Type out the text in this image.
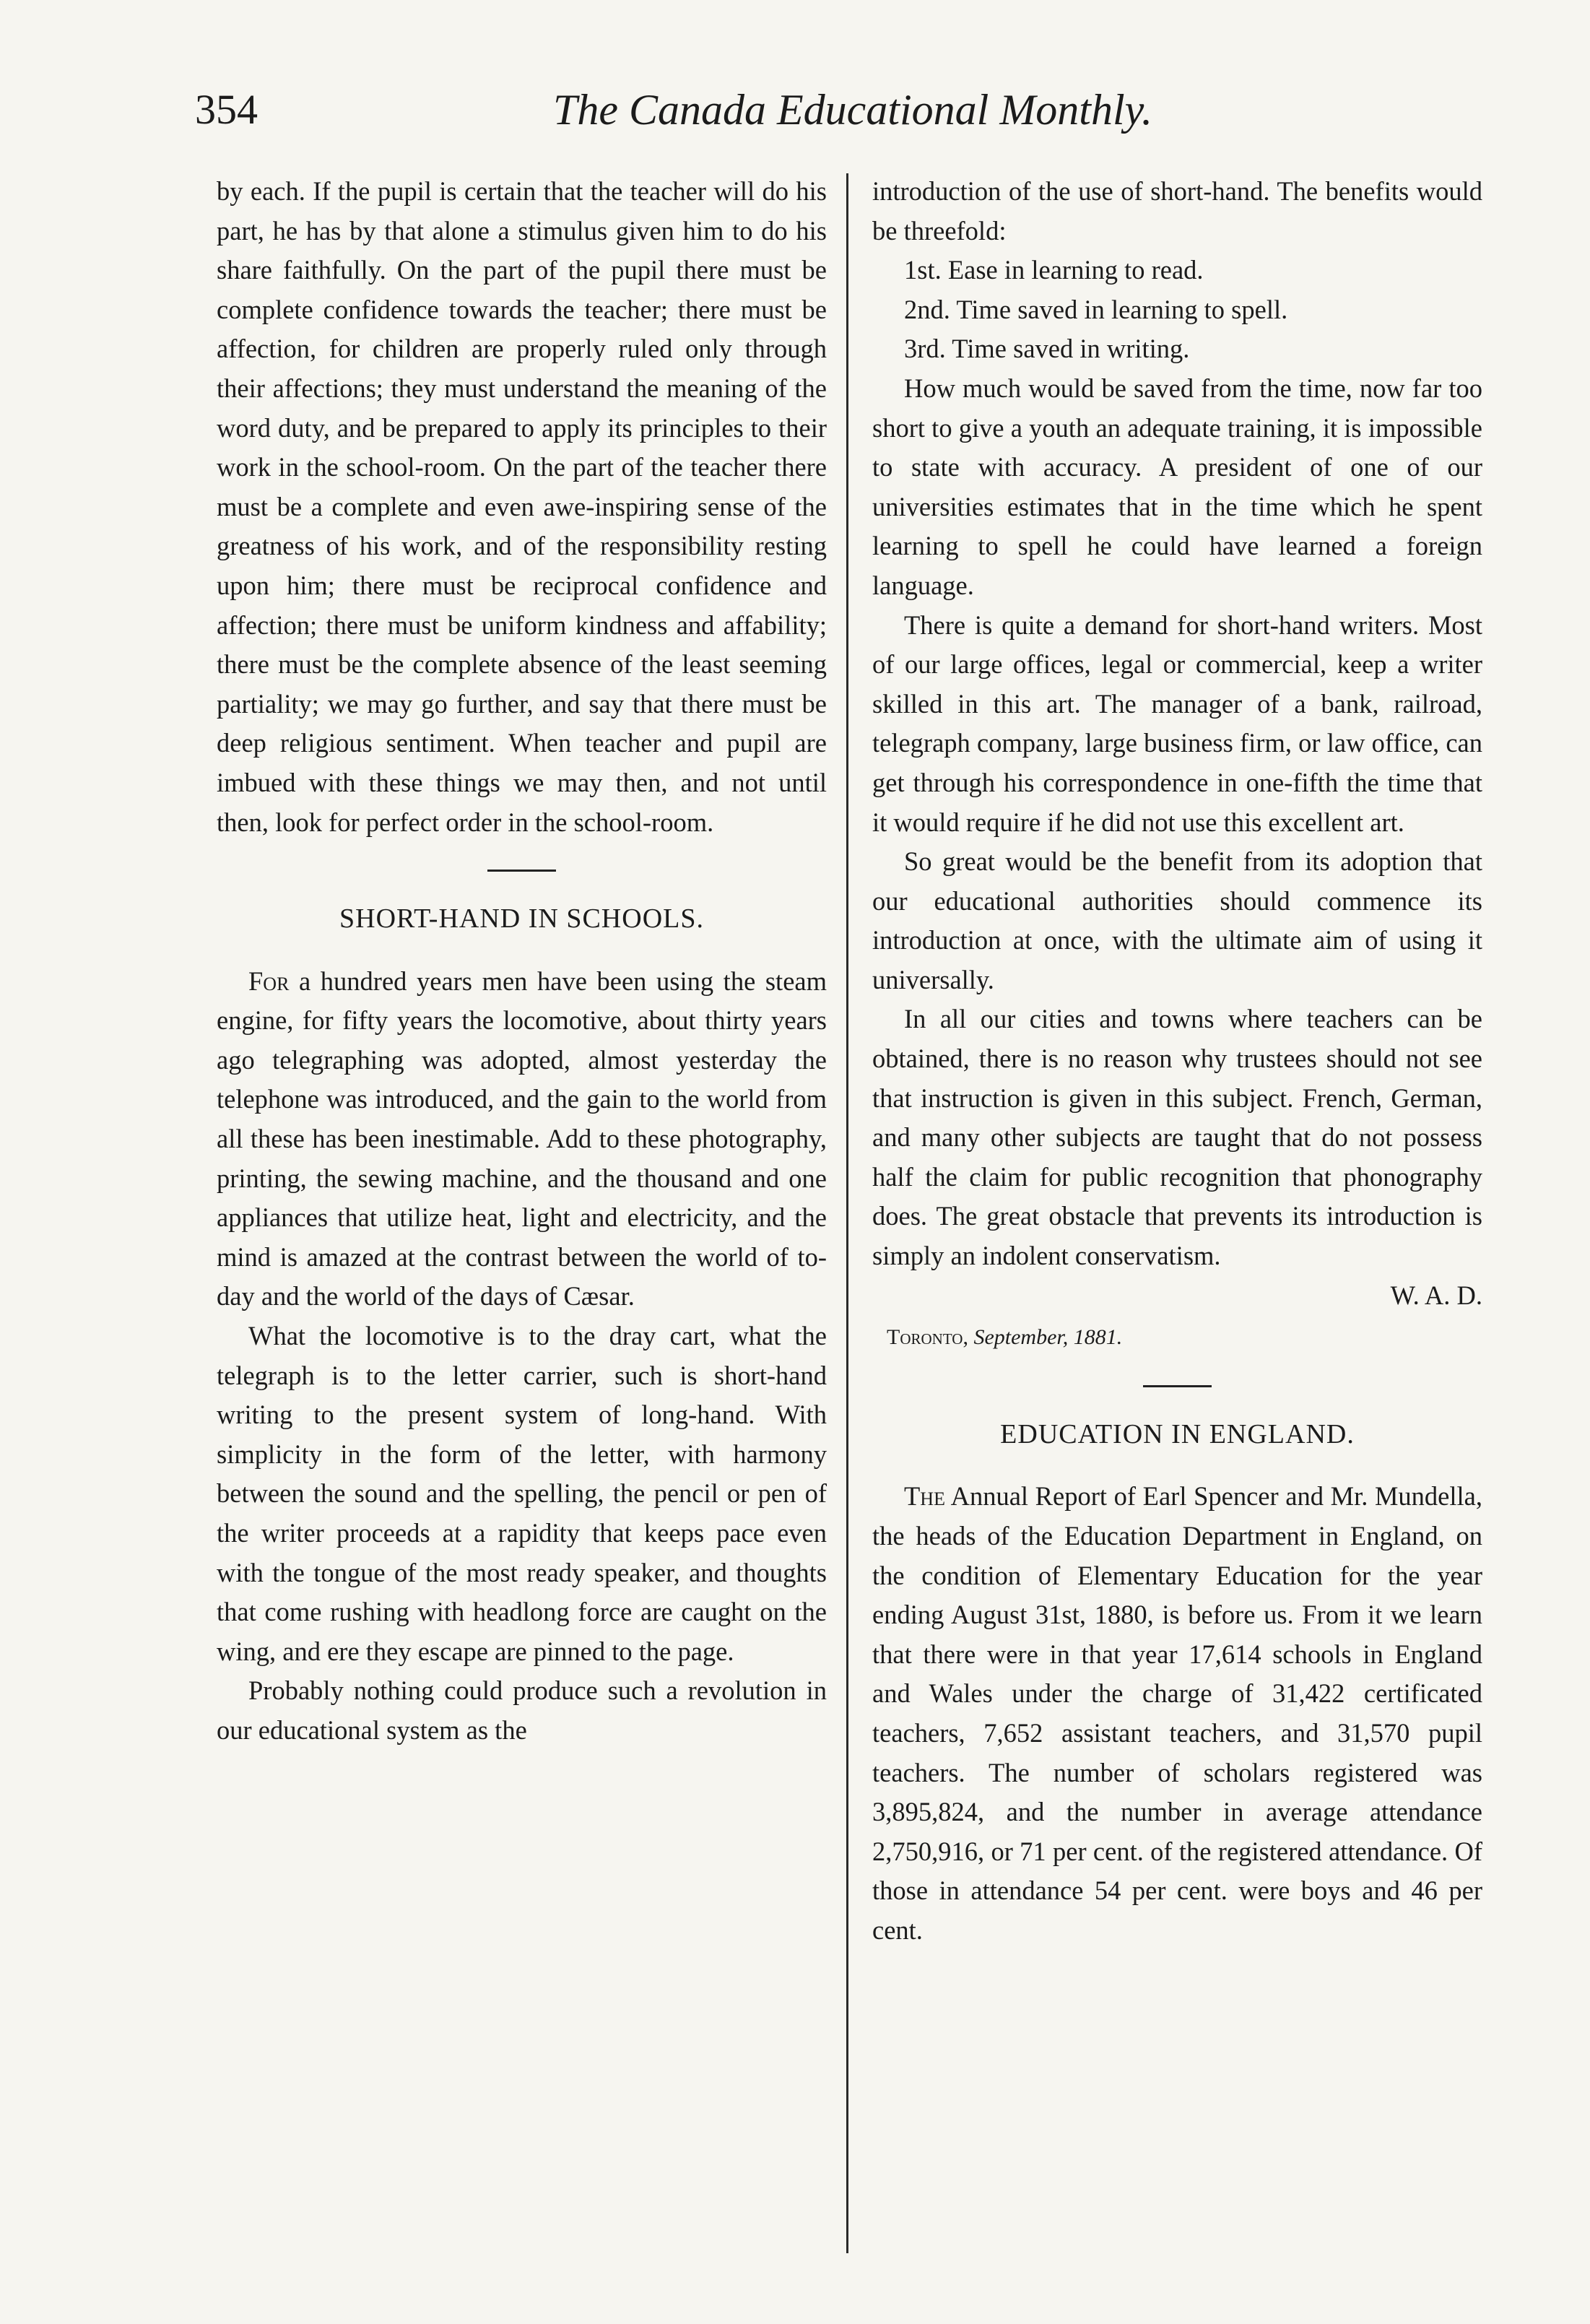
354	The Canada Educational Monthly.

by each. If the pupil is certain that the teacher will do his part, he has by that alone a stimulus given him to do his share faithfully. On the part of the pupil there must be complete confidence towards the teacher; there must be affection, for children are properly ruled only through their affections; they must understand the meaning of the word duty, and be prepared to apply its principles to their work in the school-room. On the part of the teacher there must be a complete and even awe-inspiring sense of the greatness of his work, and of the responsibility resting upon him; there must be reciprocal confidence and affection; there must be uniform kindness and affability; there must be the complete absence of the least seeming partiality; we may go further, and say that there must be deep religious sentiment. When teacher and pupil are imbued with these things we may then, and not until then, look for perfect order in the school-room.

SHORT-HAND IN SCHOOLS.

For a hundred years men have been using the steam engine, for fifty years the locomotive, about thirty years ago telegraphing was adopted, almost yesterday the telephone was introduced, and the gain to the world from all these has been inestimable. Add to these photography, printing, the sewing machine, and the thousand and one appliances that utilize heat, light and electricity, and the mind is amazed at the contrast between the world of to-day and the world of the days of Cæsar.

What the locomotive is to the dray cart, what the telegraph is to the letter carrier, such is short-hand writing to the present system of long-hand. With simplicity in the form of the letter, with harmony between the sound and the spelling, the pencil or pen of the writer proceeds at a rapidity that keeps pace even with the tongue of the most ready speaker, and thoughts that come rushing with headlong force are caught on the wing, and ere they escape are pinned to the page.

Probably nothing could produce such a revolution in our educational system as the

introduction of the use of short-hand. The benefits would be threefold:

1st. Ease in learning to read.

2nd. Time saved in learning to spell.

3rd. Time saved in writing.

How much would be saved from the time, now far too short to give a youth an adequate training, it is impossible to state with accuracy. A president of one of our universities estimates that in the time which he spent learning to spell he could have learned a foreign language.

There is quite a demand for short-hand writers. Most of our large offices, legal or commercial, keep a writer skilled in this art. The manager of a bank, railroad, telegraph company, large business firm, or law office, can get through his correspondence in one-fifth the time that it would require if he did not use this excellent art.

So great would be the benefit from its adoption that our educational authorities should commence its introduction at once, with the ultimate aim of using it universally.

In all our cities and towns where teachers can be obtained, there is no reason why trustees should not see that instruction is given in this subject. French, German, and many other subjects are taught that do not possess half the claim for public recognition that phonography does. The great obstacle that prevents its introduction is simply an indolent conservatism.

W. A. D.
Toronto, September, 1881.
EDUCATION IN ENGLAND.

The Annual Report of Earl Spencer and Mr. Mundella, the heads of the Education Department in England, on the condition of Elementary Education for the year ending August 31st, 1880, is before us. From it we learn that there were in that year 17,614 schools in England and Wales under the charge of 31,422 certificated teachers, 7,652 assistant teachers, and 31,570 pupil teachers. The number of scholars registered was 3,895,824, and the number in average attendance 2,750,916, or 71 per cent. of the registered attendance. Of those in attendance 54 per cent. were boys and 46 per cent.
